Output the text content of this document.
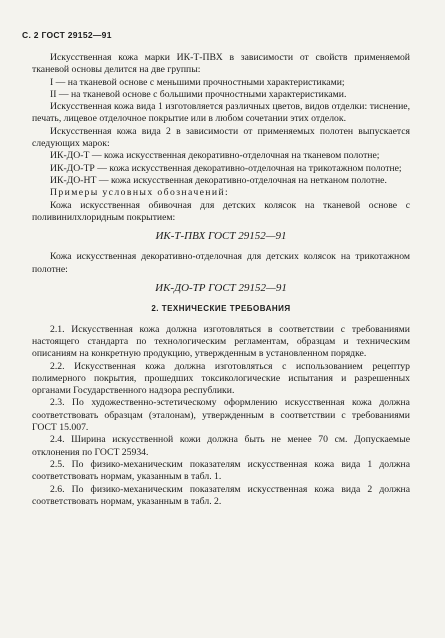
С. 2 ГОСТ 29152—91

Искусственная кожа марки ИК-Т-ПВХ в зависимости от свойств применяемой тканевой основы делится на две группы:

I — на тканевой основе с меньшими прочностными характеристиками;

II — на тканевой основе с большими прочностными характеристиками.

Искусственная кожа вида 1 изготовляется различных цветов, видов отделки: тиснение, печать, лицевое отделочное покрытие или в любом сочетании этих отделок.

Искусственная кожа вида 2 в зависимости от применяемых полотен выпускается следующих марок:

ИК-ДО-Т — кожа искусственная декоративно-отделочная на тканевом полотне;

ИК-ДО-ТР — кожа искусственная декоративно-отделочная на трикотажном полотне;

ИК-ДО-НТ — кожа искусственная декоративно-отделочная на нетканом полотне.

Примеры условных обозначений:

Кожа искусственная обивочная для детских колясок на тканевой основе с поливинилхлоридным покрытием:

ИК-Т-ПВХ ГОСТ 29152—91

Кожа искусственная декоративно-отделочная для детских колясок на трикотажном полотне:

ИК-ДО-ТР ГОСТ 29152—91

2. ТЕХНИЧЕСКИЕ ТРЕБОВАНИЯ

2.1. Искусственная кожа должна изготовляться в соответствии с требованиями настоящего стандарта по технологическим регламентам, образцам и техническим описаниям на конкретную продукцию, утвержденным в установленном порядке.

2.2. Искусственная кожа должна изготовляться с использованием рецептур полимерного покрытия, прошедших токсикологические испытания и разрешенных органами Государственного надзора республики.

2.3. По художественно-эстетическому оформлению искусственная кожа должна соответствовать образцам (эталонам), утвержденным в соответствии с требованиями ГОСТ 15.007.

2.4. Ширина искусственной кожи должна быть не менее 70 см. Допускаемые отклонения по ГОСТ 25934.

2.5. По физико-механическим показателям искусственная кожа вида 1 должна соответствовать нормам, указанным в табл. 1.

2.6. По физико-механическим показателям искусственная кожа вида 2 должна соответствовать нормам, указанным в табл. 2.
